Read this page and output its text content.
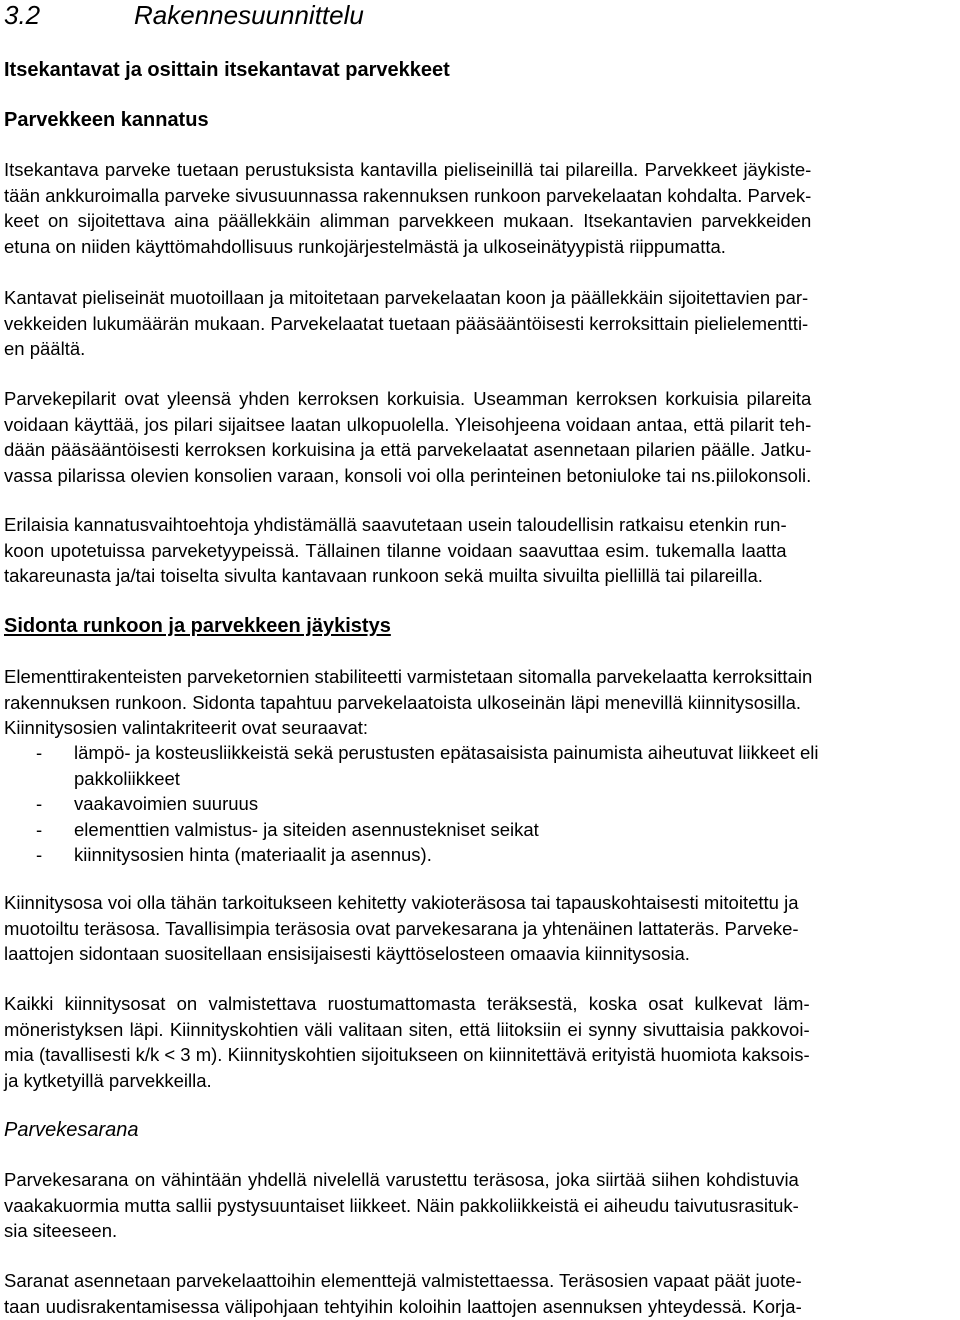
3.2	Rakennesuunnittelu
Itsekantavat ja osittain itsekantavat parvekkeet
Parvekkeen kannatus
Itsekantava parveke tuetaan perustuksista kantavilla pieliseinillä tai pilareilla. Parvekkeet jäykiste-
tään ankkuroimalla parveke sivusuunnassa rakennuksen runkoon parvekelaatan kohdalta. Parvek-
keet on sijoitettava aina päällekkäin alimman parvekkeen mukaan. Itsekantavien parvekkeiden
etuna on niiden käyttömahdollisuus runkojärjestelmästä ja ulkoseinätyypistä riippumatta.
Kantavat pieliseinät muotoillaan ja mitoitetaan parvekelaatan koon ja päällekkäin sijoitettavien par-
vekkeiden lukumäärän mukaan. Parvekelaatat tuetaan pääsääntöisesti kerroksittain pielielementti-
en päältä.
Parvekepilarit ovat yleensä yhden kerroksen korkuisia. Useamman kerroksen korkuisia pilareita
voidaan käyttää, jos pilari sijaitsee laatan ulkopuolella. Yleisohjeena voidaan antaa, että pilarit teh-
dään pääsääntöisesti kerroksen korkuisina ja että parvekelaatat asennetaan pilarien päälle. Jatku-
vassa pilarissa olevien konsolien varaan, konsoli voi olla perinteinen betoniuloke tai ns.piilokonsoli.
Erilaisia kannatusvaihtoehtoja yhdistämällä saavutetaan usein taloudellisin ratkaisu etenkin run-
koon upotetuissa parveketyypeissä. Tällainen tilanne voidaan saavuttaa esim. tukemalla laatta
takareunasta ja/tai toiselta sivulta kantavaan runkoon sekä muilta sivuilta piellillä tai pilareilla.
Sidonta runkoon ja parvekkeen jäykistys
Elementtirakenteisten parveketornien stabiliteetti varmistetaan sitomalla parvekelaatta kerroksittain
rakennuksen runkoon. Sidonta tapahtuu parvekelaatoista ulkoseinän läpi menevillä kiinnitysosilla.
Kiinnitysosien valintakriteerit ovat seuraavat:
- lämpö- ja kosteusliikkeistä sekä perustusten epätasaisista painumista aiheutuvat liikkeet eli
pakkoliikkeet
- vaakavoimien suuruus
- elementtien valmistus- ja siteiden asennustekniset seikat
- kiinnitysosien hinta (materiaalit ja asennus).
Kiinnitysosa voi olla tähän tarkoitukseen kehitetty vakioteräsosa tai tapauskohtaisesti mitoitettu ja
muotoiltu teräsosa. Tavallisimpia teräsosia ovat parvekesarana ja yhtenäinen lattateräs. Parveke-
laattojen sidontaan suositellaan ensisijaisesti käyttöselosteen omaavia kiinnitysosia.
Kaikki kiinnitysosat on valmistettava ruostumattomasta teräksestä, koska osat kulkevat läm-
möneristyksen läpi. Kiinnityskohtien väli valitaan siten, että liitoksiin ei synny sivuttaisia pakkovoi-
mia (tavallisesti k/k < 3 m). Kiinnityskohtien sijoitukseen on kiinnitettävä erityistä huomiota kaksois-
ja kytketyillä parvekkeilla.
Parvekesarana
Parvekesarana on vähintään yhdellä nivelellä varustettu teräsosa, joka siirtää siihen kohdistuvia
vaakakuormia mutta sallii pystysuuntaiset liikkeet. Näin pakkoliikkeistä ei aiheudu taivutusrasituk-
sia siteeseen.
Saranat asennetaan parvekelaattoihin elementtejä valmistettaessa. Teräsosien vapaat päät juote-
taan uudisrakentamisessa välipohjaan tehtyihin koloihin laattojen asennuksen yhteydessä. Korja-
